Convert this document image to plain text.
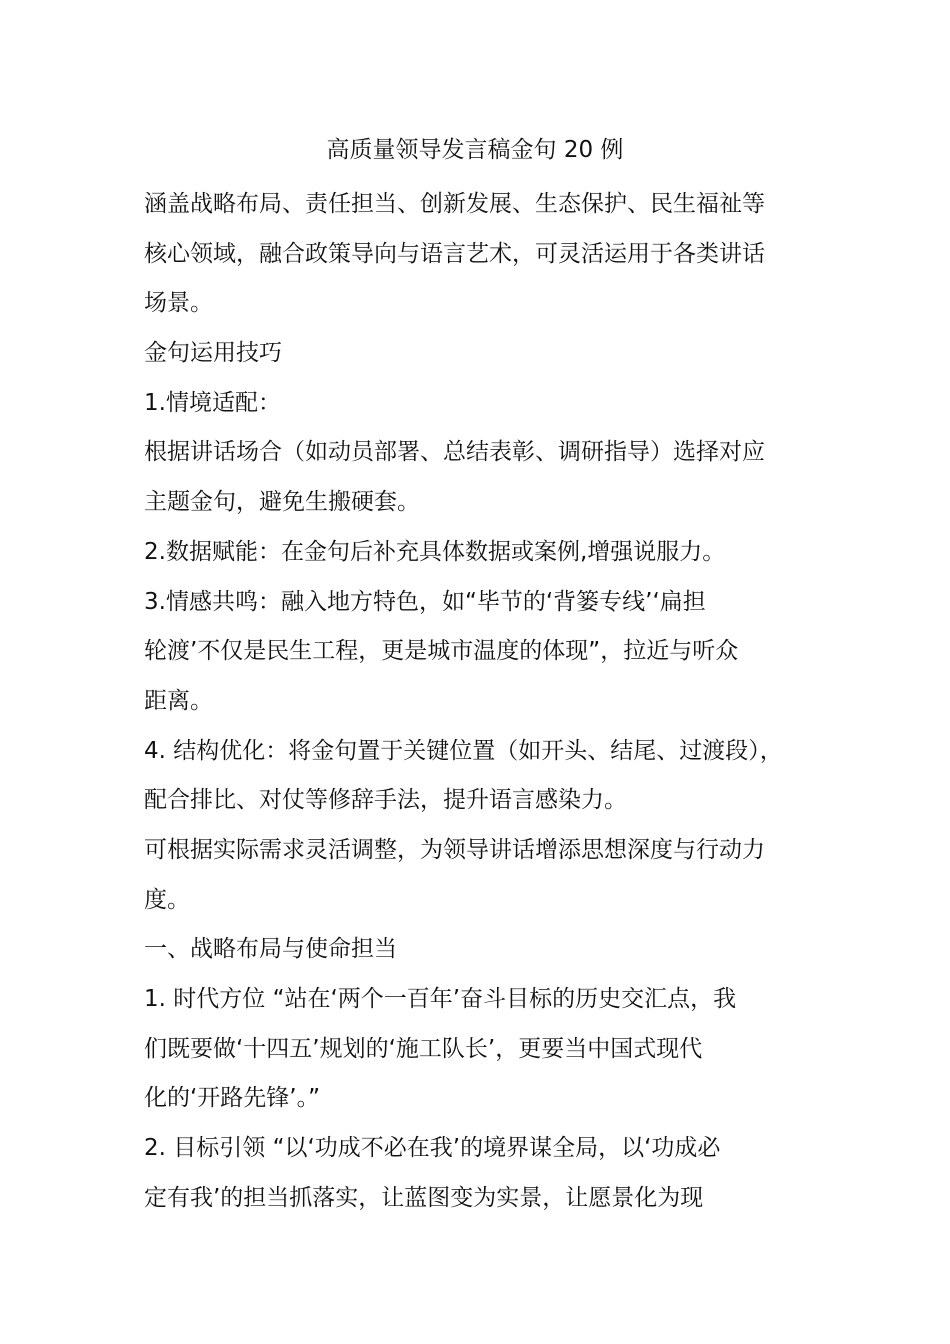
高质量领导发言稿金句 20 例
涵盖战略布局、责任担当、创新发展、生态保护、民生福祉等
核心领域，融合政策导向与语言艺术，可灵活运用于各类讲话
场景。
金句运用技巧
1.情境适配：
根据讲话场合（如动员部署、总结表彰、调研指导）选择对应
主题金句，避免生搬硬套。
2.数据赋能：在金句后补充具体数据或案例,增强说服力。
3.情感共鸣：融入地方特色，如“毕节的‘背篓专线’‘扁担
轮渡’不仅是民生工程，更是城市温度的体现”，拉近与听众
距离。
4. 结构优化：将金句置于关键位置（如开头、结尾、过渡段），
配合排比、对仗等修辞手法，提升语言感染力。
可根据实际需求灵活调整，为领导讲话增添思想深度与行动力
度。
一、战略布局与使命担当
1. 时代方位 “站在‘两个一百年’奋斗目标的历史交汇点，我
们既要做‘十四五’规划的‘施工队长’，更要当中国式现代
化的‘开路先锋’。”
2. 目标引领 “以‘功成不必在我’的境界谋全局，以‘功成必
定有我’的担当抓落实，让蓝图变为实景，让愿景化为现
